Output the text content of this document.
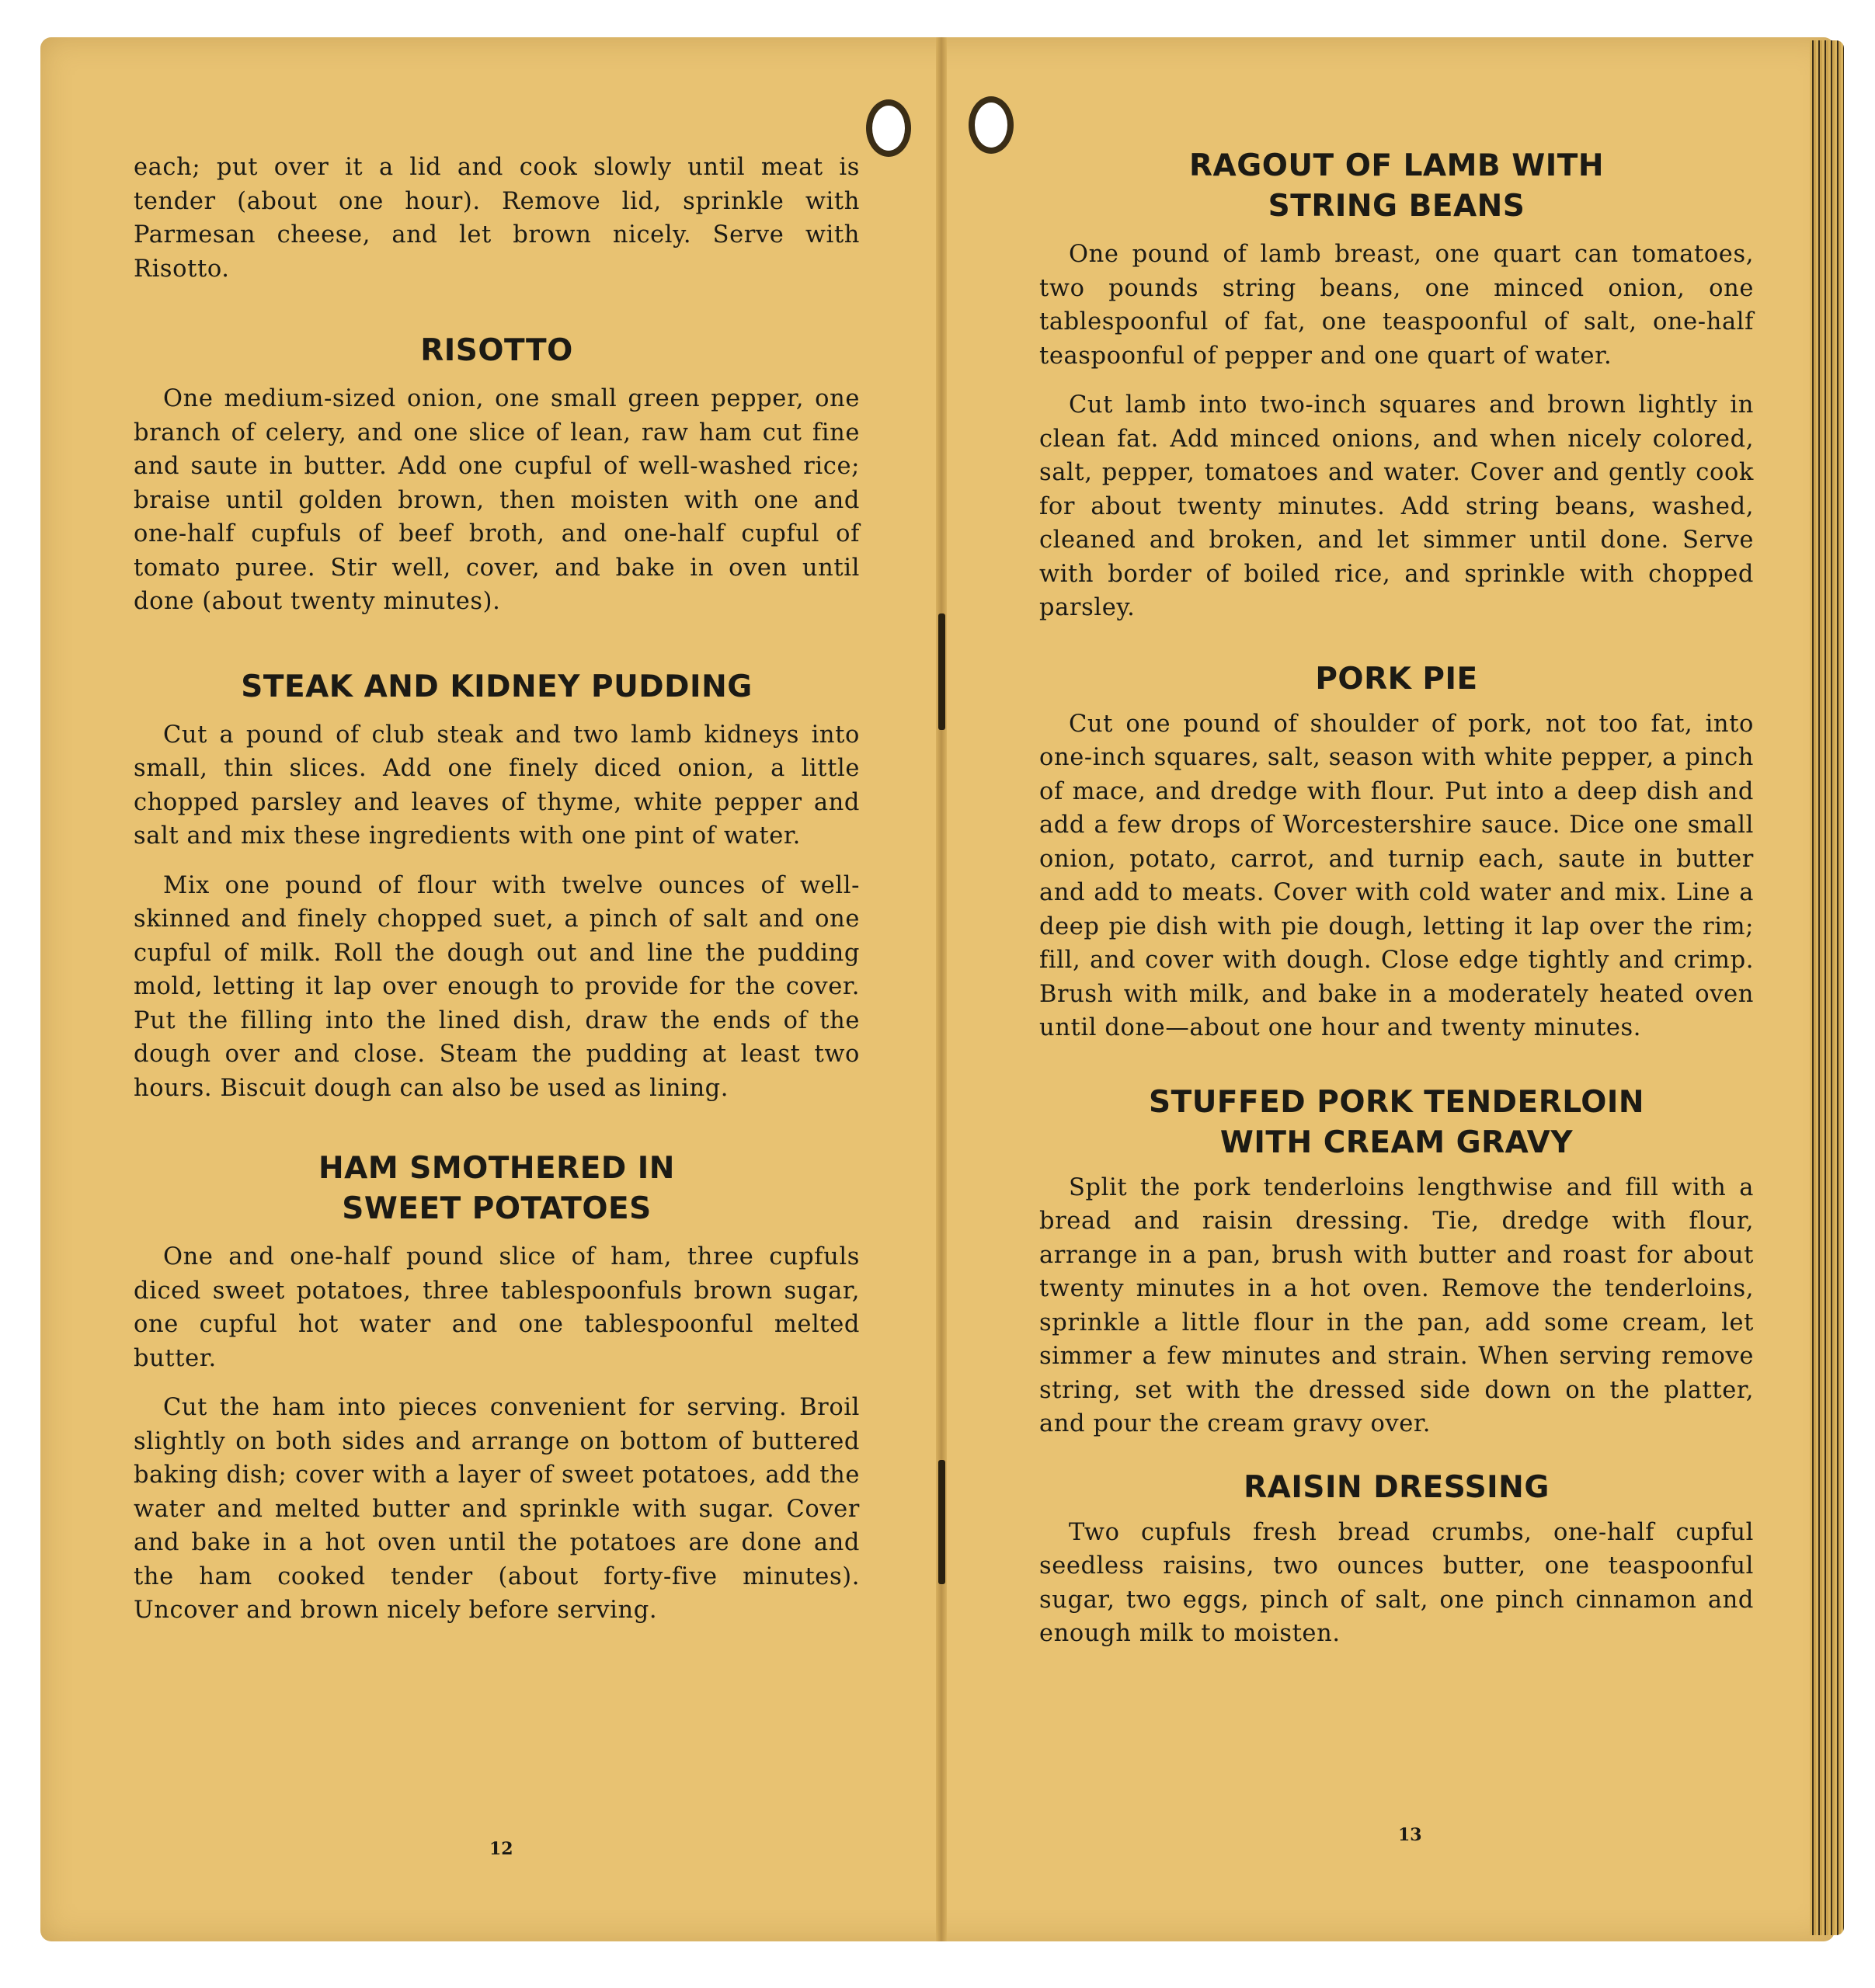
each; put over it a lid and cook slowly until meat is tender (about one hour). Remove lid, sprinkle with Parmesan cheese, and let brown nicely. Serve with Risotto.

RISOTTO

One medium-sized onion, one small green pepper, one branch of celery, and one slice of lean, raw ham cut fine and saute in butter. Add one cupful of well-washed rice; braise until golden brown, then moisten with one and one-half cupfuls of beef broth, and one-half cupful of tomato puree. Stir well, cover, and bake in oven until done (about twenty minutes).

STEAK AND KIDNEY PUDDING

Cut a pound of club steak and two lamb kidneys into small, thin slices. Add one finely diced onion, a little chopped parsley and leaves of thyme, white pepper and salt and mix these ingredients with one pint of water.

Mix one pound of flour with twelve ounces of well-skinned and finely chopped suet, a pinch of salt and one cupful of milk. Roll the dough out and line the pudding mold, letting it lap over enough to provide for the cover. Put the filling into the lined dish, draw the ends of the dough over and close. Steam the pudding at least two hours. Biscuit dough can also be used as lining.

HAM SMOTHERED IN
SWEET POTATOES

One and one-half pound slice of ham, three cupfuls diced sweet potatoes, three tablespoonfuls brown sugar, one cupful hot water and one tablespoonful melted butter.

Cut the ham into pieces convenient for serving. Broil slightly on both sides and arrange on bottom of buttered baking dish; cover with a layer of sweet potatoes, add the water and melted butter and sprinkle with sugar. Cover and bake in a hot oven until the potatoes are done and the ham cooked tender (about forty-five minutes). Uncover and brown nicely before serving.

12
RAGOUT OF LAMB WITH
STRING BEANS

One pound of lamb breast, one quart can tomatoes, two pounds string beans, one minced onion, one tablespoonful of fat, one teaspoonful of salt, one-half teaspoonful of pepper and one quart of water.

Cut lamb into two-inch squares and brown lightly in clean fat. Add minced onions, and when nicely colored, salt, pepper, tomatoes and water. Cover and gently cook for about twenty minutes. Add string beans, washed, cleaned and broken, and let simmer until done. Serve with border of boiled rice, and sprinkle with chopped parsley.

PORK PIE

Cut one pound of shoulder of pork, not too fat, into one-inch squares, salt, season with white pepper, a pinch of mace, and dredge with flour. Put into a deep dish and add a few drops of Worcestershire sauce. Dice one small onion, potato, carrot, and turnip each, saute in butter and add to meats. Cover with cold water and mix. Line a deep pie dish with pie dough, letting it lap over the rim; fill, and cover with dough. Close edge tightly and crimp. Brush with milk, and bake in a moderately heated oven until done—about one hour and twenty minutes.

STUFFED PORK TENDERLOIN
WITH CREAM GRAVY

Split the pork tenderloins lengthwise and fill with a bread and raisin dressing. Tie, dredge with flour, arrange in a pan, brush with butter and roast for about twenty minutes in a hot oven. Remove the tenderloins, sprinkle a little flour in the pan, add some cream, let simmer a few minutes and strain. When serving remove string, set with the dressed side down on the platter, and pour the cream gravy over.

RAISIN DRESSING

Two cupfuls fresh bread crumbs, one-half cupful seedless raisins, two ounces butter, one teaspoonful sugar, two eggs, pinch of salt, one pinch cinnamon and enough milk to moisten.

13
